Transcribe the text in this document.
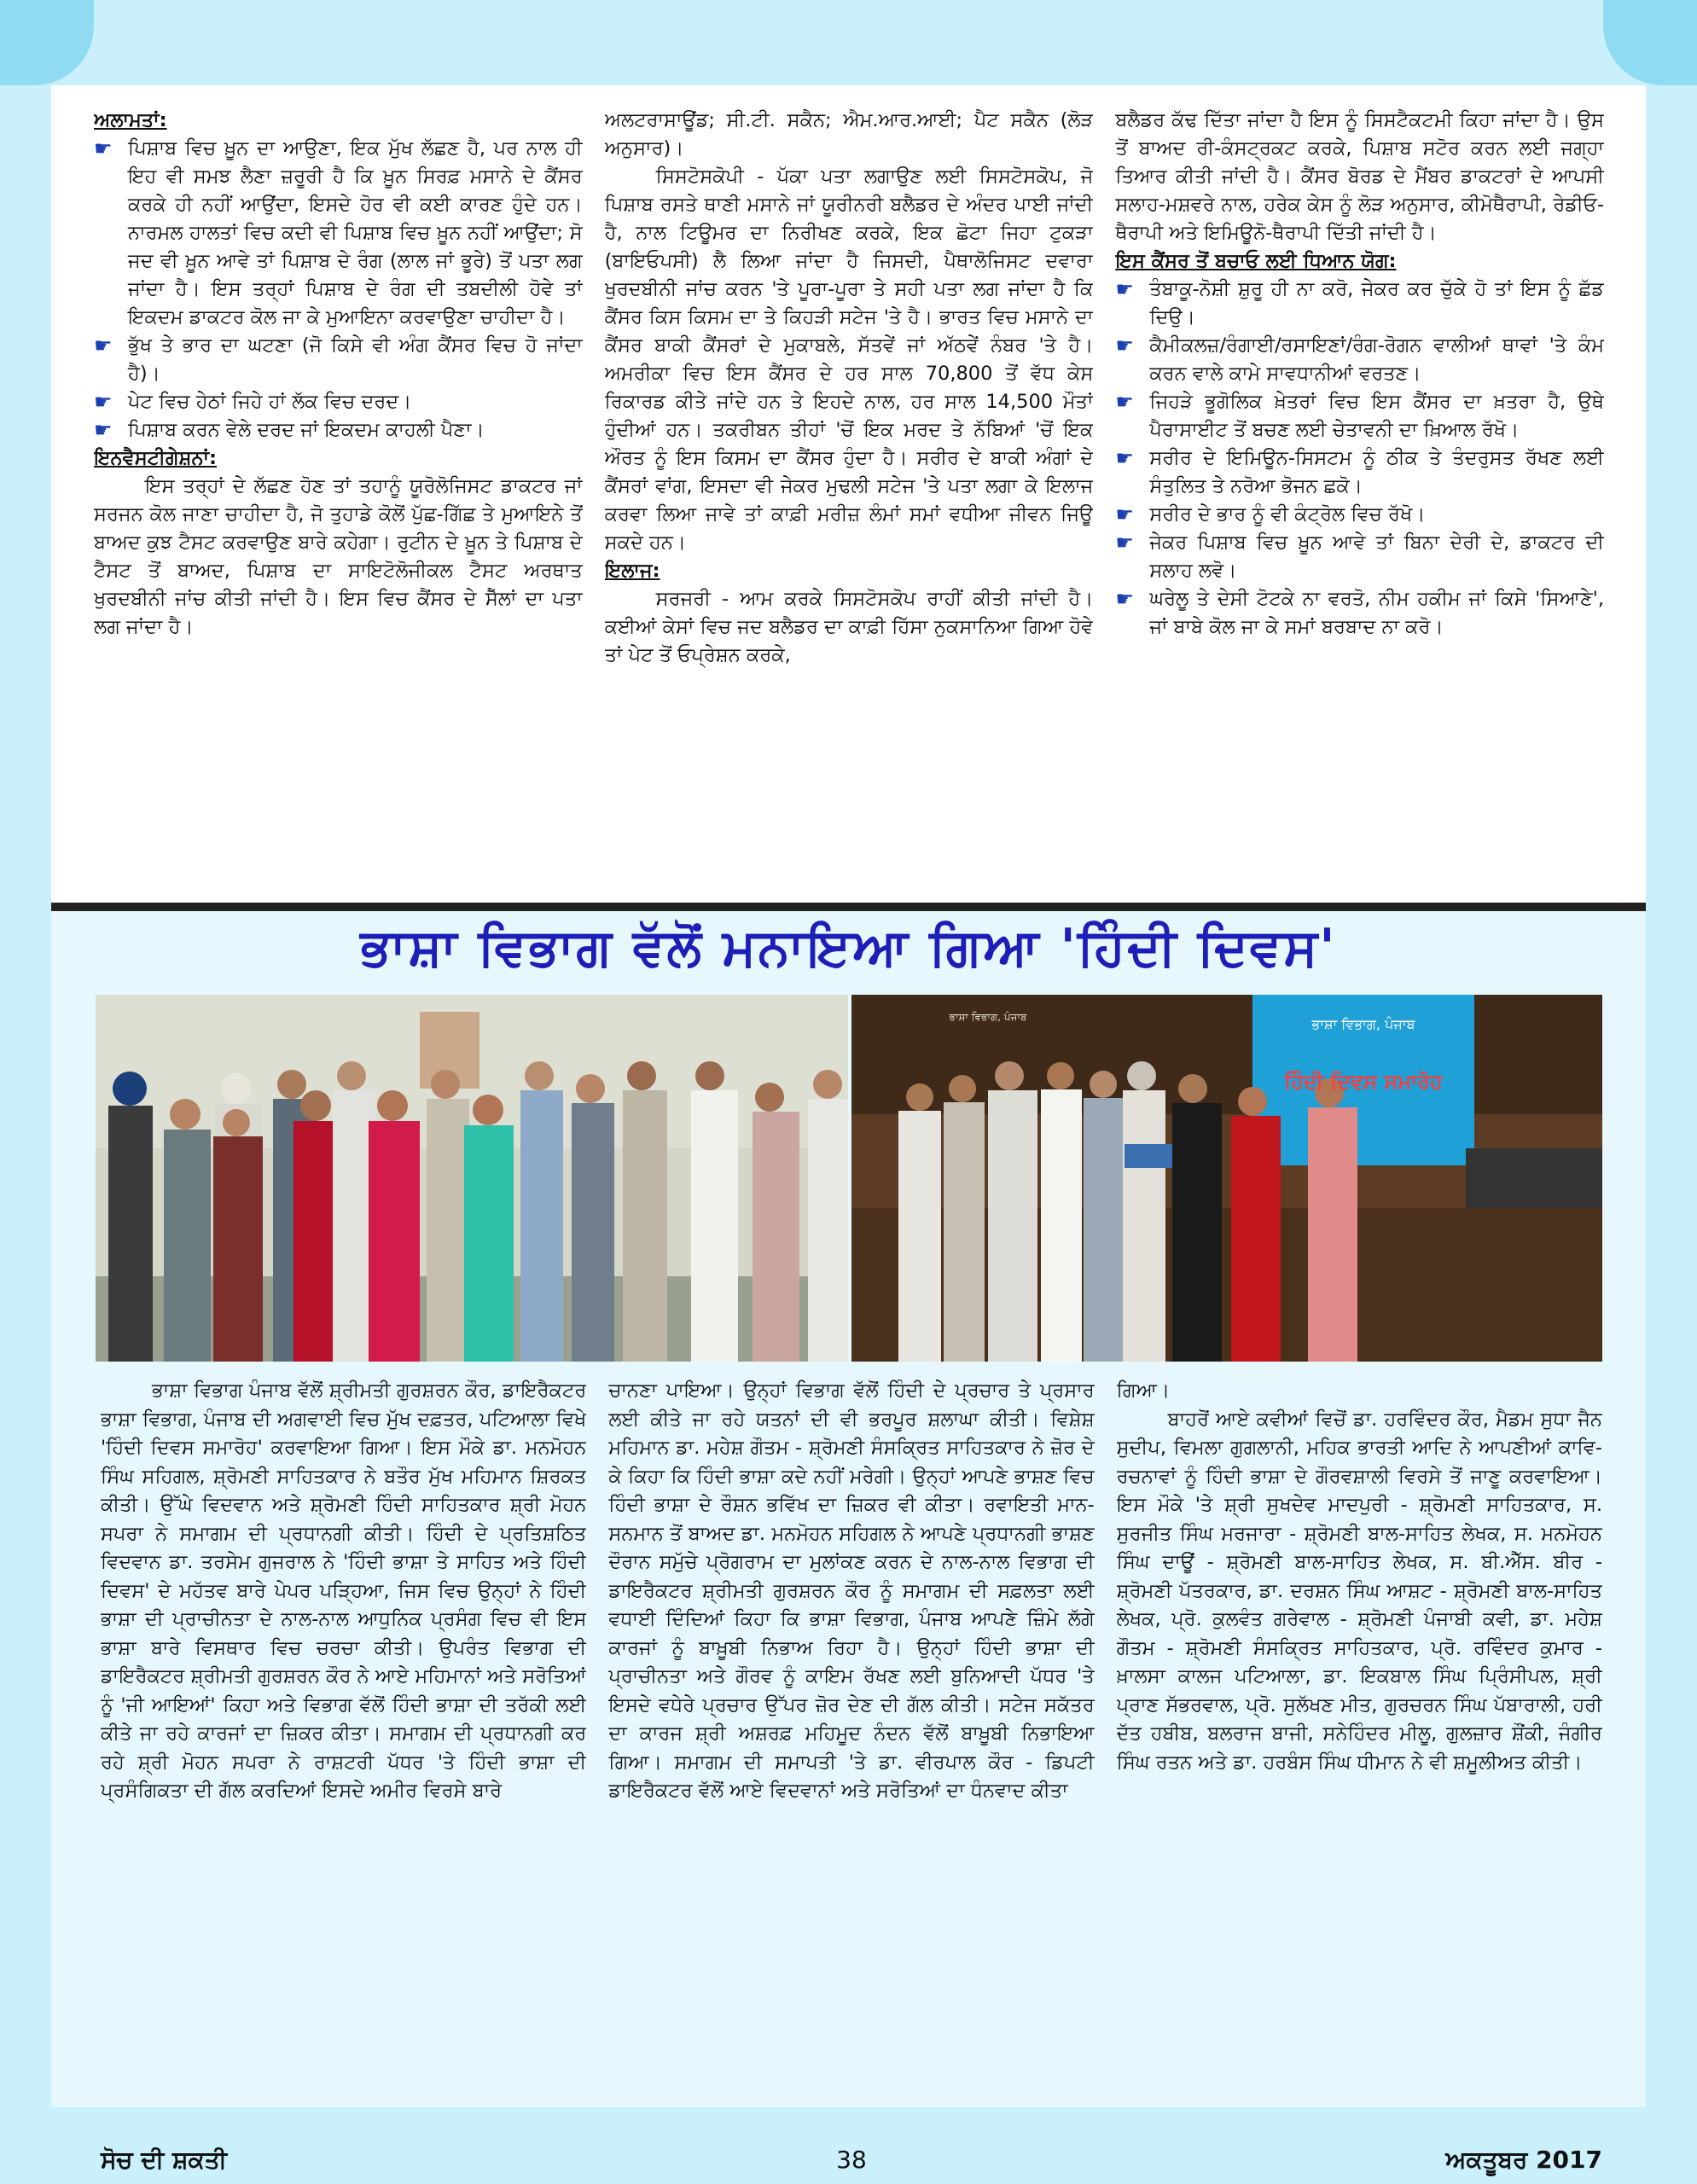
ਅਲਾਮਤਾਂ:

☛ ਪਿਸ਼ਾਬ ਵਿਚ ਖ਼ੂਨ ਦਾ ਆਉਣਾ, ਇਕ ਮੁੱਖ ਲੱਛਣ ਹੈ, ਪਰ ਨਾਲ ਹੀ ਇਹ ਵੀ ਸਮਝ ਲੈਣਾ ਜ਼ਰੂਰੀ ਹੈ ਕਿ ਖ਼ੂਨ ਸਿਰਫ਼ ਮਸਾਨੇ ਦੇ ਕੈਂਸਰ ਕਰਕੇ ਹੀ ਨਹੀਂ ਆਉਂਦਾ, ਇਸਦੇ ਹੋਰ ਵੀ ਕਈ ਕਾਰਣ ਹੁੰਦੇ ਹਨ। ਨਾਰਮਲ ਹਾਲਤਾਂ ਵਿਚ ਕਦੀ ਵੀ ਪਿਸ਼ਾਬ ਵਿਚ ਖ਼ੂਨ ਨਹੀਂ ਆਉਂਦਾ; ਸੋ ਜਦ ਵੀ ਖ਼ੂਨ ਆਵੇ ਤਾਂ ਪਿਸ਼ਾਬ ਦੇ ਰੰਗ (ਲਾਲ ਜਾਂ ਭੂਰੇ) ਤੋਂ ਪਤਾ ਲਗ ਜਾਂਦਾ ਹੈ। ਇਸ ਤਰ੍ਹਾਂ ਪਿਸ਼ਾਬ ਦੇ ਰੰਗ ਦੀ ਤਬਦੀਲੀ ਹੋਵੇ ਤਾਂ ਇਕਦਮ ਡਾਕਟਰ ਕੋਲ ਜਾ ਕੇ ਮੁਆਇਨਾ ਕਰਵਾਉਣਾ ਚਾਹੀਦਾ ਹੈ।
☛ ਭੁੱਖ ਤੇ ਭਾਰ ਦਾ ਘਟਣਾ (ਜੋ ਕਿਸੇ ਵੀ ਅੰਗ ਕੈਂਸਰ ਵਿਚ ਹੋ ਜਾਂਦਾ ਹੈ)।
☛ ਪੇਟ ਵਿਚ ਹੇਠਾਂ ਜਿਹੇ ਹਾਂ ਲੱਕ ਵਿਚ ਦਰਦ।
☛ ਪਿਸ਼ਾਬ ਕਰਨ ਵੇਲੇ ਦਰਦ ਜਾਂ ਇਕਦਮ ਕਾਹਲੀ ਪੈਣਾ।

ਇਨਵੈਸਟੀਗੇਸ਼ਨਾਂ:

ਇਸ ਤਰ੍ਹਾਂ ਦੇ ਲੱਛਣ ਹੋਣ ਤਾਂ ਤਹਾਨੂੰ ਯੂਰੋਲੋਜਿਸਟ ਡਾਕਟਰ ਜਾਂ ਸਰਜਨ ਕੋਲ ਜਾਣਾ ਚਾਹੀਦਾ ਹੈ, ਜੋ ਤੁਹਾਡੇ ਕੋਲੋਂ ਪੁੱਛ-ਗਿੱਛ ਤੇ ਮੁਆਇਨੇ ਤੋਂ ਬਾਅਦ ਕੁਝ ਟੈਸਟ ਕਰਵਾਉਣ ਬਾਰੇ ਕਹੇਗਾ। ਰੁਟੀਨ ਦੇ ਖ਼ੂਨ ਤੇ ਪਿਸ਼ਾਬ ਦੇ ਟੈਸਟ ਤੋਂ ਬਾਅਦ, ਪਿਸ਼ਾਬ ਦਾ ਸਾਇਟੋਲੋਜੀਕਲ ਟੈਸਟ ਅਰਥਾਤ ਖੁਰਦਬੀਨੀ ਜਾਂਚ ਕੀਤੀ ਜਾਂਦੀ ਹੈ। ਇਸ ਵਿਚ ਕੈਂਸਰ ਦੇ ਸੈੱਲਾਂ ਦਾ ਪਤਾ ਲਗ ਜਾਂਦਾ ਹੈ।

ਅਲਟਰਾਸਾਊਂਡ; ਸੀ.ਟੀ. ਸਕੈਨ; ਐਮ.ਆਰ.ਆਈ; ਪੈਟ ਸਕੈਨ (ਲੋੜ ਅਨੁਸਾਰ)।

ਸਿਸਟੋਸਕੋਪੀ - ਪੱਕਾ ਪਤਾ ਲਗਾਉਣ ਲਈ ਸਿਸਟੋਸਕੋਪ, ਜੋ ਪਿਸ਼ਾਬ ਰਸਤੇ ਥਾਣੀ ਮਸਾਨੇ ਜਾਂ ਯੂਰੀਨਰੀ ਬਲੈਡਰ ਦੇ ਅੰਦਰ ਪਾਈ ਜਾਂਦੀ ਹੈ, ਨਾਲ ਟਿਊਮਰ ਦਾ ਨਿਰੀਖਣ ਕਰਕੇ, ਇਕ ਛੋਟਾ ਜਿਹਾ ਟੁਕੜਾ (ਬਾਇਓਪਸੀ) ਲੈ ਲਿਆ ਜਾਂਦਾ ਹੈ ਜਿਸਦੀ, ਪੈਥਾਲੋਜਿਸਟ ਦਵਾਰਾ ਖੁਰਦਬੀਨੀ ਜਾਂਚ ਕਰਨ 'ਤੇ ਪੂਰਾ-ਪੂਰਾ ਤੇ ਸਹੀ ਪਤਾ ਲਗ ਜਾਂਦਾ ਹੈ ਕਿ ਕੈਂਸਰ ਕਿਸ ਕਿਸਮ ਦਾ ਤੇ ਕਿਹੜੀ ਸਟੇਜ 'ਤੇ ਹੈ। ਭਾਰਤ ਵਿਚ ਮਸਾਨੇ ਦਾ ਕੈਂਸਰ ਬਾਕੀ ਕੈਂਸਰਾਂ ਦੇ ਮੁਕਾਬਲੇ, ਸੱਤਵੇਂ ਜਾਂ ਅੱਠਵੇਂ ਨੰਬਰ 'ਤੇ ਹੈ। ਅਮਰੀਕਾ ਵਿਚ ਇਸ ਕੈਂਸਰ ਦੇ ਹਰ ਸਾਲ 70,800 ਤੋਂ ਵੱਧ ਕੇਸ ਰਿਕਾਰਡ ਕੀਤੇ ਜਾਂਦੇ ਹਨ ਤੇ ਇਹਦੇ ਨਾਲ, ਹਰ ਸਾਲ 14,500 ਮੌਤਾਂ ਹੁੰਦੀਆਂ ਹਨ। ਤਕਰੀਬਨ ਤੀਹਾਂ 'ਚੋਂ ਇਕ ਮਰਦ ਤੇ ਨੱਬਿਆਂ 'ਚੋਂ ਇਕ ਔਰਤ ਨੂੰ ਇਸ ਕਿਸਮ ਦਾ ਕੈਂਸਰ ਹੁੰਦਾ ਹੈ। ਸਰੀਰ ਦੇ ਬਾਕੀ ਅੰਗਾਂ ਦੇ ਕੈਂਸਰਾਂ ਵਾਂਗ, ਇਸਦਾ ਵੀ ਜੇਕਰ ਮੁਢਲੀ ਸਟੇਜ 'ਤੇ ਪਤਾ ਲਗਾ ਕੇ ਇਲਾਜ ਕਰਵਾ ਲਿਆ ਜਾਵੇ ਤਾਂ ਕਾਫ਼ੀ ਮਰੀਜ਼ ਲੰਮਾਂ ਸਮਾਂ ਵਧੀਆ ਜੀਵਨ ਜਿਊ ਸਕਦੇ ਹਨ।

ਇਲਾਜ:

ਸਰਜਰੀ - ਆਮ ਕਰਕੇ ਸਿਸਟੋਸਕੋਪ ਰਾਹੀਂ ਕੀਤੀ ਜਾਂਦੀ ਹੈ। ਕਈਆਂ ਕੇਸਾਂ ਵਿਚ ਜਦ ਬਲੈਡਰ ਦਾ ਕਾਫ਼ੀ ਹਿੱਸਾ ਨੁਕਸਾਨਿਆ ਗਿਆ ਹੋਵੇ ਤਾਂ ਪੇਟ ਤੋਂ ਓਪ੍ਰੇਸ਼ਨ ਕਰਕੇ,

ਬਲੈਡਰ ਕੱਢ ਦਿੱਤਾ ਜਾਂਦਾ ਹੈ ਇਸ ਨੂੰ ਸਿਸਟੈਕਟਮੀ ਕਿਹਾ ਜਾਂਦਾ ਹੈ। ਉਸ ਤੋਂ ਬਾਅਦ ਰੀ-ਕੰਸਟ੍ਰਕਟ ਕਰਕੇ, ਪਿਸ਼ਾਬ ਸਟੋਰ ਕਰਨ ਲਈ ਜਗ੍ਹਾ ਤਿਆਰ ਕੀਤੀ ਜਾਂਦੀ ਹੈ। ਕੈਂਸਰ ਬੋਰਡ ਦੇ ਮੈਂਬਰ ਡਾਕਟਰਾਂ ਦੇ ਆਪਸੀ ਸਲਾਹ-ਮਸ਼ਵਰੇ ਨਾਲ, ਹਰੇਕ ਕੇਸ ਨੂੰ ਲੋੜ ਅਨੁਸਾਰ, ਕੀਮੋਥੈਰਾਪੀ, ਰੇਡੀਓ-ਥੈਰਾਪੀ ਅਤੇ ਇਮਿਊਨੋ-ਥੈਰਾਪੀ ਦਿੱਤੀ ਜਾਂਦੀ ਹੈ।

ਇਸ ਕੈਂਸਰ ਤੋਂ ਬਚਾਓ ਲਈ ਧਿਆਨ ਯੋਗ:

☛ ਤੰਬਾਕੂ-ਨੋਸ਼ੀ ਸ਼ੁਰੂ ਹੀ ਨਾ ਕਰੋ, ਜੇਕਰ ਕਰ ਚੁੱਕੇ ਹੋ ਤਾਂ ਇਸ ਨੂੰ ਛੱਡ ਦਿਉ।
☛ ਕੈਮੀਕਲਜ਼/ਰੰਗਾਈ/ਰਸਾਇਣਾਂ/ਰੰਗ-ਰੋਗਨ ਵਾਲੀਆਂ ਥਾਵਾਂ 'ਤੇ ਕੰਮ ਕਰਨ ਵਾਲੇ ਕਾਮੇ ਸਾਵਧਾਨੀਆਂ ਵਰਤਣ।
☛ ਜਿਹੜੇ ਭੂਗੋਲਿਕ ਖ਼ੇਤਰਾਂ ਵਿਚ ਇਸ ਕੈਂਸਰ ਦਾ ਖ਼ਤਰਾ ਹੈ, ਉਥੇ ਪੈਰਾਸਾਈਟ ਤੋਂ ਬਚਣ ਲਈ ਚੇਤਾਵਨੀ ਦਾ ਖ਼ਿਆਲ ਰੱਖੋ।
☛ ਸਰੀਰ ਦੇ ਇਮਿਊਨ-ਸਿਸਟਮ ਨੂੰ ਠੀਕ ਤੇ ਤੰਦਰੁਸਤ ਰੱਖਣ ਲਈ ਸੰਤੁਲਿਤ ਤੇ ਨਰੋਆ ਭੋਜਨ ਛਕੋ।
☛ ਸਰੀਰ ਦੇ ਭਾਰ ਨੂੰ ਵੀ ਕੰਟ੍ਰੋਲ ਵਿਚ ਰੱਖੋ।
☛ ਜੇਕਰ ਪਿਸ਼ਾਬ ਵਿਚ ਖ਼ੂਨ ਆਵੇ ਤਾਂ ਬਿਨਾ ਦੇਰੀ ਦੇ, ਡਾਕਟਰ ਦੀ ਸਲਾਹ ਲਵੋ।
☛ ਘਰੇਲੂ ਤੇ ਦੇਸੀ ਟੋਟਕੇ ਨਾ ਵਰਤੋ, ਨੀਮ ਹਕੀਮ ਜਾਂ ਕਿਸੇ 'ਸਿਆਣੇ', ਜਾਂ ਬਾਬੇ ਕੋਲ ਜਾ ਕੇ ਸਮਾਂ ਬਰਬਾਦ ਨਾ ਕਰੋ।
ਭਾਸ਼ਾ ਵਿਭਾਗ ਵੱਲੋਂ ਮਨਾਇਆ ਗਿਆ 'ਹਿੰਦੀ ਦਿਵਸ'
ਭਾਸ਼ਾ ਵਿਭਾਗ, ਪੰਜਾਬ
ਹਿੰਦੀ ਦਿਵਸ ਸਮਾਰੋਹ
ਭਾਸ਼ਾ ਵਿਭਾਗ, ਪੰਜਾਬ

ਭਾਸ਼ਾ ਵਿਭਾਗ ਪੰਜਾਬ ਵੱਲੋਂ ਸ਼੍ਰੀਮਤੀ ਗੁਰਸ਼ਰਨ ਕੌਰ, ਡਾਇਰੈਕਟਰ ਭਾਸ਼ਾ ਵਿਭਾਗ, ਪੰਜਾਬ ਦੀ ਅਗਵਾਈ ਵਿਚ ਮੁੱਖ ਦਫ਼ਤਰ, ਪਟਿਆਲਾ ਵਿਖੇ 'ਹਿੰਦੀ ਦਿਵਸ ਸਮਾਰੋਹ' ਕਰਵਾਇਆ ਗਿਆ। ਇਸ ਮੌਕੇ ਡਾ. ਮਨਮੋਹਨ ਸਿੰਘ ਸਹਿਗਲ, ਸ਼੍ਰੋਮਣੀ ਸਾਹਿਤਕਾਰ ਨੇ ਬਤੌਰ ਮੁੱਖ ਮਹਿਮਾਨ ਸ਼ਿਰਕਤ ਕੀਤੀ। ਉੱਘੇ ਵਿਦਵਾਨ ਅਤੇ ਸ਼੍ਰੋਮਣੀ ਹਿੰਦੀ ਸਾਹਿਤਕਾਰ ਸ਼੍ਰੀ ਮੋਹਨ ਸਪਰਾ ਨੇ ਸਮਾਗਮ ਦੀ ਪ੍ਰਧਾਨਗੀ ਕੀਤੀ। ਹਿੰਦੀ ਦੇ ਪ੍ਰਤਿਸ਼ਠਿਤ ਵਿਦਵਾਨ ਡਾ. ਤਰਸੇਮ ਗੁਜਰਾਲ ਨੇ 'ਹਿੰਦੀ ਭਾਸ਼ਾ ਤੇ ਸਾਹਿਤ ਅਤੇ ਹਿੰਦੀ ਦਿਵਸ' ਦੇ ਮਹੱਤਵ ਬਾਰੇ ਪੇਪਰ ਪੜ੍ਹਿਆ, ਜਿਸ ਵਿਚ ਉਨ੍ਹਾਂ ਨੇ ਹਿੰਦੀ ਭਾਸ਼ਾ ਦੀ ਪ੍ਰਾਚੀਨਤਾ ਦੇ ਨਾਲ-ਨਾਲ ਆਧੁਨਿਕ ਪ੍ਰਸੰਗ ਵਿਚ ਵੀ ਇਸ ਭਾਸ਼ਾ ਬਾਰੇ ਵਿਸਥਾਰ ਵਿਚ ਚਰਚਾ ਕੀਤੀ। ਉਪਰੰਤ ਵਿਭਾਗ ਦੀ ਡਾਇਰੈਕਟਰ ਸ਼੍ਰੀਮਤੀ ਗੁਰਸ਼ਰਨ ਕੌਰ ਨੇ ਆਏ ਮਹਿਮਾਨਾਂ ਅਤੇ ਸਰੋਤਿਆਂ ਨੂੰ 'ਜੀ ਆਇਆਂ' ਕਿਹਾ ਅਤੇ ਵਿਭਾਗ ਵੱਲੋਂ ਹਿੰਦੀ ਭਾਸ਼ਾ ਦੀ ਤਰੱਕੀ ਲਈ ਕੀਤੇ ਜਾ ਰਹੇ ਕਾਰਜਾਂ ਦਾ ਜ਼ਿਕਰ ਕੀਤਾ। ਸਮਾਗਮ ਦੀ ਪ੍ਰਧਾਨਗੀ ਕਰ ਰਹੇ ਸ਼੍ਰੀ ਮੋਹਨ ਸਪਰਾ ਨੇ ਰਾਸ਼ਟਰੀ ਪੱਧਰ 'ਤੇ ਹਿੰਦੀ ਭਾਸ਼ਾ ਦੀ ਪ੍ਰਸੰਗਿਕਤਾ ਦੀ ਗੱਲ ਕਰਦਿਆਂ ਇਸਦੇ ਅਮੀਰ ਵਿਰਸੇ ਬਾਰੇ

ਚਾਨਣਾ ਪਾਇਆ। ਉਨ੍ਹਾਂ ਵਿਭਾਗ ਵੱਲੋਂ ਹਿੰਦੀ ਦੇ ਪ੍ਰਚਾਰ ਤੇ ਪ੍ਰਸਾਰ ਲਈ ਕੀਤੇ ਜਾ ਰਹੇ ਯਤਨਾਂ ਦੀ ਵੀ ਭਰਪੂਰ ਸ਼ਲਾਘਾ ਕੀਤੀ। ਵਿਸ਼ੇਸ਼ ਮਹਿਮਾਨ ਡਾ. ਮਹੇਸ਼ ਗੌਤਮ - ਸ਼੍ਰੋਮਣੀ ਸੰਸਕ੍ਰਿਤ ਸਾਹਿਤਕਾਰ ਨੇ ਜ਼ੋਰ ਦੇ ਕੇ ਕਿਹਾ ਕਿ ਹਿੰਦੀ ਭਾਸ਼ਾ ਕਦੇ ਨਹੀਂ ਮਰੇਗੀ। ਉਨ੍ਹਾਂ ਆਪਣੇ ਭਾਸ਼ਣ ਵਿਚ ਹਿੰਦੀ ਭਾਸ਼ਾ ਦੇ ਰੌਸ਼ਨ ਭਵਿੱਖ ਦਾ ਜ਼ਿਕਰ ਵੀ ਕੀਤਾ। ਰਵਾਇਤੀ ਮਾਨ-ਸਨਮਾਨ ਤੋਂ ਬਾਅਦ ਡਾ. ਮਨਮੋਹਨ ਸਹਿਗਲ ਨੇ ਆਪਣੇ ਪ੍ਰਧਾਨਗੀ ਭਾਸ਼ਣ ਦੌਰਾਨ ਸਮੁੱਚੇ ਪ੍ਰੋਗਰਾਮ ਦਾ ਮੁਲਾਂਕਣ ਕਰਨ ਦੇ ਨਾਲ-ਨਾਲ ਵਿਭਾਗ ਦੀ ਡਾਇਰੈਕਟਰ ਸ਼੍ਰੀਮਤੀ ਗੁਰਸ਼ਰਨ ਕੌਰ ਨੂੰ ਸਮਾਗਮ ਦੀ ਸਫ਼ਲਤਾ ਲਈ ਵਧਾਈ ਦਿੰਦਿਆਂ ਕਿਹਾ ਕਿ ਭਾਸ਼ਾ ਵਿਭਾਗ, ਪੰਜਾਬ ਆਪਣੇ ਜ਼ਿੰਮੇ ਲੱਗੇ ਕਾਰਜਾਂ ਨੂੰ ਬਾਖ਼ੂਬੀ ਨਿਭਾਅ ਰਿਹਾ ਹੈ। ਉਨ੍ਹਾਂ ਹਿੰਦੀ ਭਾਸ਼ਾ ਦੀ ਪ੍ਰਾਚੀਨਤਾ ਅਤੇ ਗੌਰਵ ਨੂੰ ਕਾਇਮ ਰੱਖਣ ਲਈ ਬੁਨਿਆਦੀ ਪੱਧਰ 'ਤੇ ਇਸਦੇ ਵਧੇਰੇ ਪ੍ਰਚਾਰ ਉੱਪਰ ਜ਼ੋਰ ਦੇਣ ਦੀ ਗੱਲ ਕੀਤੀ। ਸਟੇਜ ਸਕੱਤਰ ਦਾ ਕਾਰਜ ਸ਼੍ਰੀ ਅਸ਼ਰਫ਼ ਮਹਿਮੂਦ ਨੰਦਨ ਵੱਲੋਂ ਬਾਖ਼ੂਬੀ ਨਿਭਾਇਆ ਗਿਆ। ਸਮਾਗਮ ਦੀ ਸਮਾਪਤੀ 'ਤੇ ਡਾ. ਵੀਰਪਾਲ ਕੌਰ - ਡਿਪਟੀ ਡਾਇਰੈਕਟਰ ਵੱਲੋਂ ਆਏ ਵਿਦਵਾਨਾਂ ਅਤੇ ਸਰੋਤਿਆਂ ਦਾ ਧੰਨਵਾਦ ਕੀਤਾ

ਗਿਆ।

ਬਾਹਰੋਂ ਆਏ ਕਵੀਆਂ ਵਿਚੋਂ ਡਾ. ਹਰਵਿੰਦਰ ਕੌਰ, ਮੈਡਮ ਸੁਧਾ ਜੈਨ ਸੁਦੀਪ, ਵਿਮਲਾ ਗੁਗਲਾਨੀ, ਮਹਿਕ ਭਾਰਤੀ ਆਦਿ ਨੇ ਆਪਣੀਆਂ ਕਾਵਿ-ਰਚਨਾਵਾਂ ਨੂੰ ਹਿੰਦੀ ਭਾਸ਼ਾ ਦੇ ਗੌਰਵਸ਼ਾਲੀ ਵਿਰਸੇ ਤੋਂ ਜਾਣੂ ਕਰਵਾਇਆ। ਇਸ ਮੌਕੇ 'ਤੇ ਸ਼੍ਰੀ ਸੁਖਦੇਵ ਮਾਦਪੁਰੀ - ਸ਼੍ਰੋਮਣੀ ਸਾਹਿਤਕਾਰ, ਸ. ਸੁਰਜੀਤ ਸਿੰਘ ਮਰਜਾਰਾ - ਸ਼੍ਰੋਮਣੀ ਬਾਲ-ਸਾਹਿਤ ਲੇਖਕ, ਸ. ਮਨਮੋਹਨ ਸਿੰਘ ਦਾਊਂ - ਸ਼੍ਰੋਮਣੀ ਬਾਲ-ਸਾਹਿਤ ਲੇਖਕ, ਸ. ਬੀ.ਐੱਸ. ਬੀਰ - ਸ਼੍ਰੋਮਣੀ ਪੱਤਰਕਾਰ, ਡਾ. ਦਰਸ਼ਨ ਸਿੰਘ ਆਸ਼ਟ - ਸ਼੍ਰੋਮਣੀ ਬਾਲ-ਸਾਹਿਤ ਲੇਖਕ, ਪ੍ਰੋ. ਕੁਲਵੰਤ ਗਰੇਵਾਲ - ਸ਼੍ਰੋਮਣੀ ਪੰਜਾਬੀ ਕਵੀ, ਡਾ. ਮਹੇਸ਼ ਗੌਤਮ - ਸ਼੍ਰੋਮਣੀ ਸੰਸਕ੍ਰਿਤ ਸਾਹਿਤਕਾਰ, ਪ੍ਰੋ. ਰਵਿੰਦਰ ਕੁਮਾਰ - ਖ਼ਾਲਸਾ ਕਾਲਜ ਪਟਿਆਲਾ, ਡਾ. ਇਕਬਾਲ ਸਿੰਘ ਪ੍ਰਿੰਸੀਪਲ, ਸ਼੍ਰੀ ਪ੍ਰਾਣ ਸੱਭਰਵਾਲ, ਪ੍ਰੋ. ਸੁਲੱਖਣ ਮੀਤ, ਗੁਰਚਰਨ ਸਿੰਘ ਪੱਬਾਰਾਲੀ, ਹਰੀ ਦੱਤ ਹਬੀਬ, ਬਲਰਾਜ ਬਾਜੀ, ਸਨੇਹਿੰਦਰ ਮੀਲੂ, ਗੁਲਜ਼ਾਰ ਸ਼ੌਂਕੀ, ਜੰਗੀਰ ਸਿੰਘ ਰਤਨ ਅਤੇ ਡਾ. ਹਰਬੰਸ ਸਿੰਘ ਧੀਮਾਨ ਨੇ ਵੀ ਸ਼ਮੂਲੀਅਤ ਕੀਤੀ।

ਸੋਚ ਦੀ ਸ਼ਕਤੀ	38	ਅਕਤੂਬਰ 2017
